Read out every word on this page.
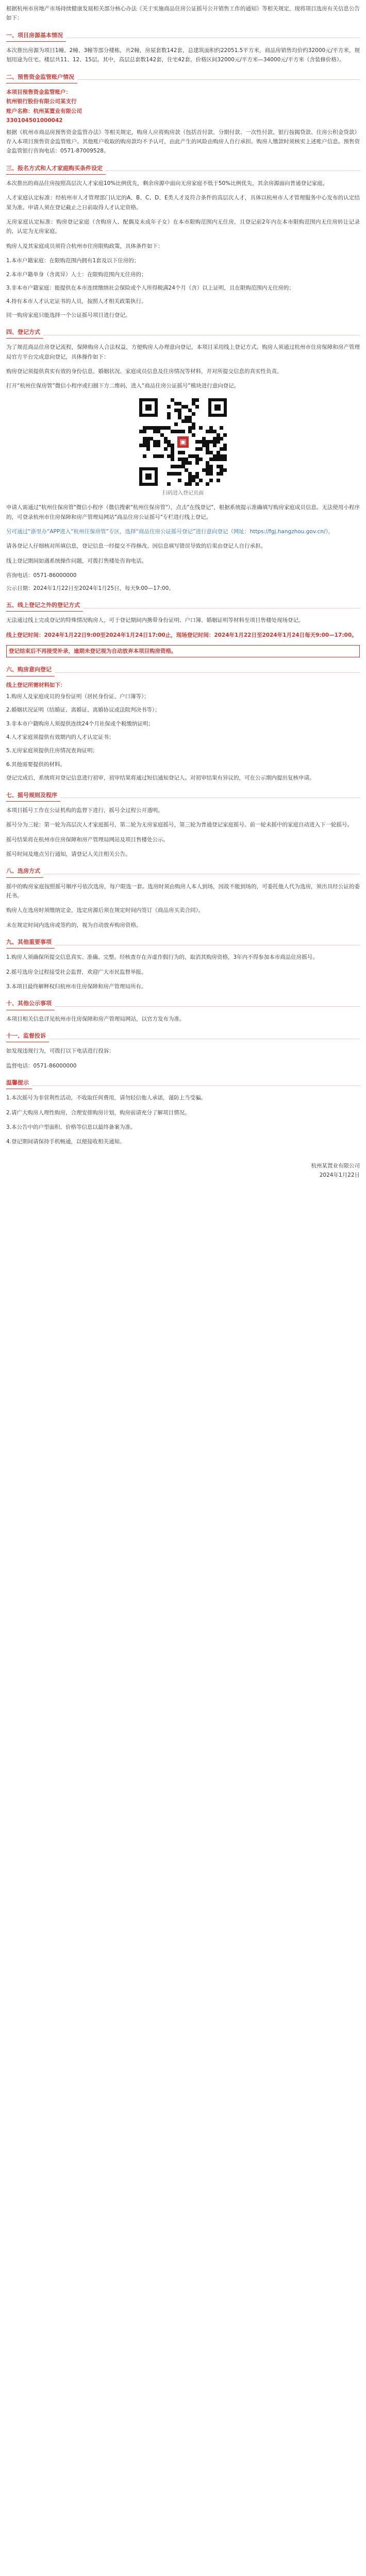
根据杭州市房地产市场持续健康发展相关部分核心办法《关于实施商品住房公证摇号公开销售工作的通知》等相关规定，现将项目选房有关信息公告如下：

一、项目房源基本情况

本次推出房源为项目1幢、2幢、3幢等部分楼栋，共2幢，房屋套数142套，总建筑面积约22051.5平方米，商品房销售均价约32000元/平方米，规划用途为住宅。楼层共11、12、15层。其中，高层总套数142套，住宅42套，价格区间32000元/平方米—34000元/平方米（含装修价格）。

二、预售资金监管账户情况

本项目预售资金监管账户：

杭州银行股份有限公司某支行

账户名称：杭州某置业有限公司

330104501000042

根据《杭州市商品房预售资金监管办法》等相关规定，购房人应将购房款（包括首付款、分期付款、一次性付款、银行按揭贷款、住房公积金贷款）存入本项目预售资金监管账户。其他账户收取的购房款均不予认可，由此产生的风险由购房人自行承担。购房人缴款时须核实上述账户信息。预售资金监管银行咨询电话：0571-87009528。

三、报名方式和人才家庭购买条件设定

本次推出的商品住房按照高层次人才家庭10%比例优先，剩余房源中面向无房家庭不低于50%比例优先，其余房源面向普通登记家庭。

人才家庭认定标准：经杭州市人才管理部门认定的A、B、C、D、E类人才及符合条件的高层次人才，具体以杭州市人才管理服务中心发布的认定结果为准。申请人须在登记截止之日前取得人才认定资格。

无房家庭认定标准：购房登记家庭（含购房人、配偶及未成年子女）在本市限购范围内无住房，且登记前2年内在本市限购范围内无住房转让记录的，认定为无房家庭。

购房人及其家庭成员须符合杭州市住房限购政策，具体条件如下：

1.本市户籍家庭：在限购范围内拥有1套及以下住房的；

2.本市户籍单身（含离异）人士：在限购范围内无住房的；

3.非本市户籍家庭：能提供在本市连续缴纳社会保险或个人所得税满24个月（含）以上证明，且在限购范围内无住房的；

4.持有本市人才认定证书的人员，按照人才相关政策执行。

同一购房家庭只能选择一个公证摇号项目进行登记。

四、登记方式

为了规范商品住房登记流程，保障购房人合法权益，方便购房人办理意向登记，本项目采用线上登记方式。购房人须通过杭州市住房保障和房产管理局官方平台完成意向登记，具体操作如下：

购房登记须提供真实有效的身份信息、婚姻状况、家庭成员信息及住房情况等材料，并对所提交信息的真实性负责。

打开“杭州住保房管”微信小程序或扫描下方二维码，进入“商品住房公证摇号”模块进行意向登记。

▣

扫码进入登记页面

申请人需通过"杭州住保房管"微信小程序（微信搜索"杭州住保房管"），点击"在线登记"，根据系统提示准确填写购房家庭成员信息。无法使用小程序的，可登录杭州市住房保障和房产管理局网站"商品住房公证摇号"专栏进行线上登记。

另可通过“浙里办”APP进入“杭州住保房管”专区，选择“商品住房公证摇号登记”进行意向登记（网址：https://fgj.hangzhou.gov.cn/）。

请各登记人仔细核对所填信息，登记信息一经提交不得修改。因信息填写错误导致的后果由登记人自行承担。

线上登记期间如遇系统操作问题，可拨打售楼处咨询电话。

咨询电话：0571-86000000

公示日期：2024年1月22日至2024年1月25日，每天9:00—17:00。

五、线上登记之外的登记方式

无法通过线上完成登记的特殊情况购房人，可于登记期间内携带身份证明、户口簿、婚姻证明等材料至项目售楼处现场登记。

线上登记时间：2024年1月22日9:00至2024年1月24日17:00止，现场登记时间：2024年1月22日至2024年1月24日每天9:00—17:00。

登记结束后不再接受补录，逾期未登记视为自动放弃本项目购房资格。

六、购房意向登记

线上登记所需材料如下：

1.购房人及家庭成员的身份证明（居民身份证、户口簿等）；

2.婚姻状况证明（结婚证、离婚证、离婚协议或法院判决书等）；

3.非本市户籍购房人须提供连续24个月社保或个税缴纳证明；

4.人才家庭须提供有效期内的人才认定证书；

5.无房家庭须提供住房情况查询证明；

6.其他需要提供的材料。

登记完成后，系统将对登记信息进行初审，初审结果将通过短信通知登记人。对初审结果有异议的，可在公示期内提出复核申请。

七、摇号规则及程序

本项目摇号工作在公证机构的监督下进行，摇号全过程公开透明。

摇号分为三轮：第一轮为高层次人才家庭摇号，第二轮为无房家庭摇号，第三轮为普通登记家庭摇号。前一轮未摇中的家庭自动进入下一轮摇号。

摇号结果将在杭州市住房保障和房产管理局网站及项目售楼处公示。

摇号时间及地点另行通知，请登记人关注相关公告。

八、选房方式

摇中的购房家庭按照摇号顺序号依次选房，每户限选一套。选房时须由购房人本人到场，因故不能到场的，可委托他人代为选房，须出具经公证的委托书。

购房人在选房时须缴纳定金，选定房源后须在规定时间内签订《商品房买卖合同》。

未在规定时间内选房或签约的，视为自动放弃购房资格。

九、其他重要事项

1.购房人须确保所提交信息真实、准确、完整。经核查存在弄虚作假行为的，取消其购房资格，3年内不得参加本市商品住房摇号。

2.摇号选房全过程接受社会监督，欢迎广大市民监督举报。

3.本项目最终解释权归杭州市住房保障和房产管理局所有。

十、其他公示事项

本项目相关信息详见杭州市住房保障和房产管理局网站，以官方发布为准。

十一、监督投诉

如发现违规行为，可拨打以下电话进行投诉：

监督电话：0571-86000000

温馨提示

1.本次摇号为非营利性活动，不收取任何费用，请勿轻信他人承诺，谨防上当受骗。

2.请广大购房人理性购房，合理安排购房计划，购房前请充分了解项目情况。

3.本公告中的户型面积、价格等信息以最终备案为准。

4.登记期间请保持手机畅通，以便接收相关通知。

杭州某置业有限公司

2024年1月22日
